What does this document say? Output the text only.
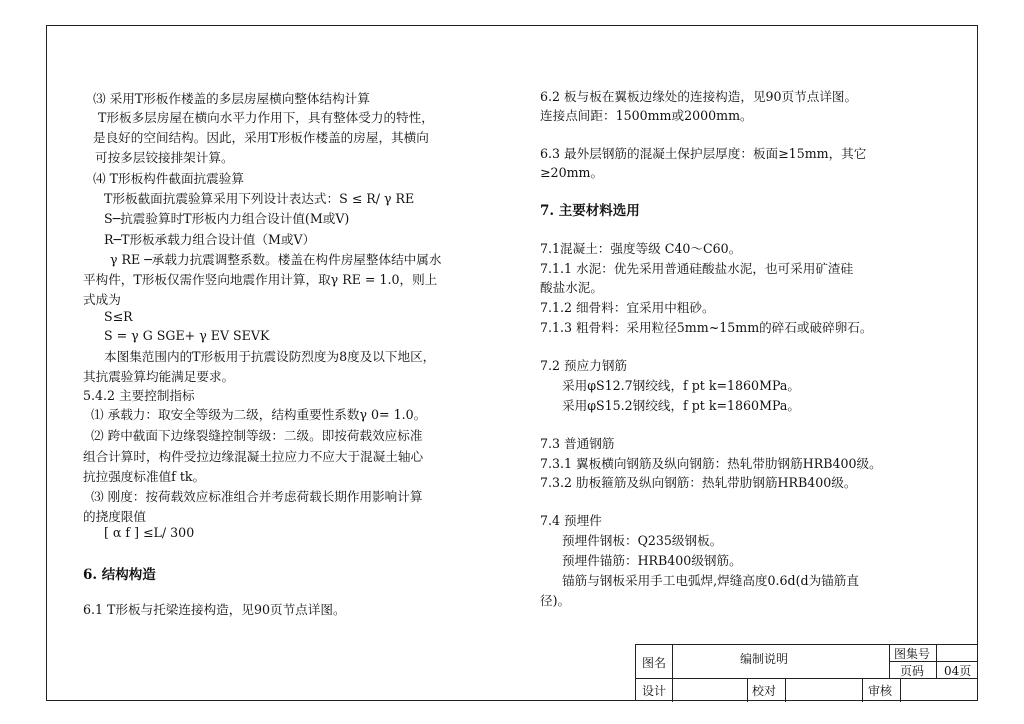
⑶ 采用T形板作楼盖的多层房屋横向整体结构计算
T形板多层房屋在横向水平力作用下，具有整体受力的特性，
是良好的空间结构。因此，采用T形板作楼盖的房屋，其横向
可按多层铰接排架计算。
⑷ T形板构件截面抗震验算
T形板截面抗震验算采用下列设计表达式：S ≤ R/ γ RE
S─抗震验算时T形板内力组合设计值(M或V)
R─T形板承载力组合设计值（M或V）
γ RE ─承载力抗震调整系数。楼盖在构件房屋整体结中属水
平构件，T形板仅需作竖向地震作用计算，取γ RE = 1.0，则上
式成为
S≤R
S = γ G SGE+ γ EV SEVK
本图集范围内的T形板用于抗震设防烈度为8度及以下地区，
其抗震验算均能满足要求。
5.4.2 主要控制指标
⑴ 承载力：取安全等级为二级，结构重要性系数γ 0= 1.0。
⑵ 跨中截面下边缘裂缝控制等级：二级。即按荷载效应标准
组合计算时，构件受拉边缘混凝土拉应力不应大于混凝土轴心
抗拉强度标准值f tk。
⑶ 刚度：按荷载效应标准组合并考虑荷载长期作用影响计算
的挠度限值
[ α f ] ≤L/ 300
6. 结构构造
6.1 T形板与托梁连接构造，见90页节点详图。
6.2 板与板在翼板边缘处的连接构造，见90页节点详图。
连接点间距：1500mm或2000mm。
6.3 最外层钢筋的混凝土保护层厚度：板面≥15mm，其它
≥20mm。
7. 主要材料选用
7.1混凝土：强度等级 C40～C60。
7.1.1 水泥：优先采用普通硅酸盐水泥，也可采用矿渣硅
酸盐水泥。
7.1.2 细骨料：宜采用中粗砂。
7.1.3 粗骨料：采用粒径5mm~15mm的碎石或破碎卵石。
7.2 预应力钢筋
采用φS12.7钢绞线，f pt k=1860MPa。
采用φS15.2钢绞线，f pt k=1860MPa。
7.3 普通钢筋
7.3.1 翼板横向钢筋及纵向钢筋：热轧带肋钢筋HRB400级。
7.3.2 肋板箍筋及纵向钢筋：热轧带肋钢筋HRB400级。
7.4 预埋件
预埋件钢板：Q235级钢板。
预埋件锚筋：HRB400级钢筋。
锚筋与钢板采用手工电弧焊,焊缝高度0.6d(d为锚筋直
径)。
图名	编制说明	图集号
页码 04页
设计	校对	审核
